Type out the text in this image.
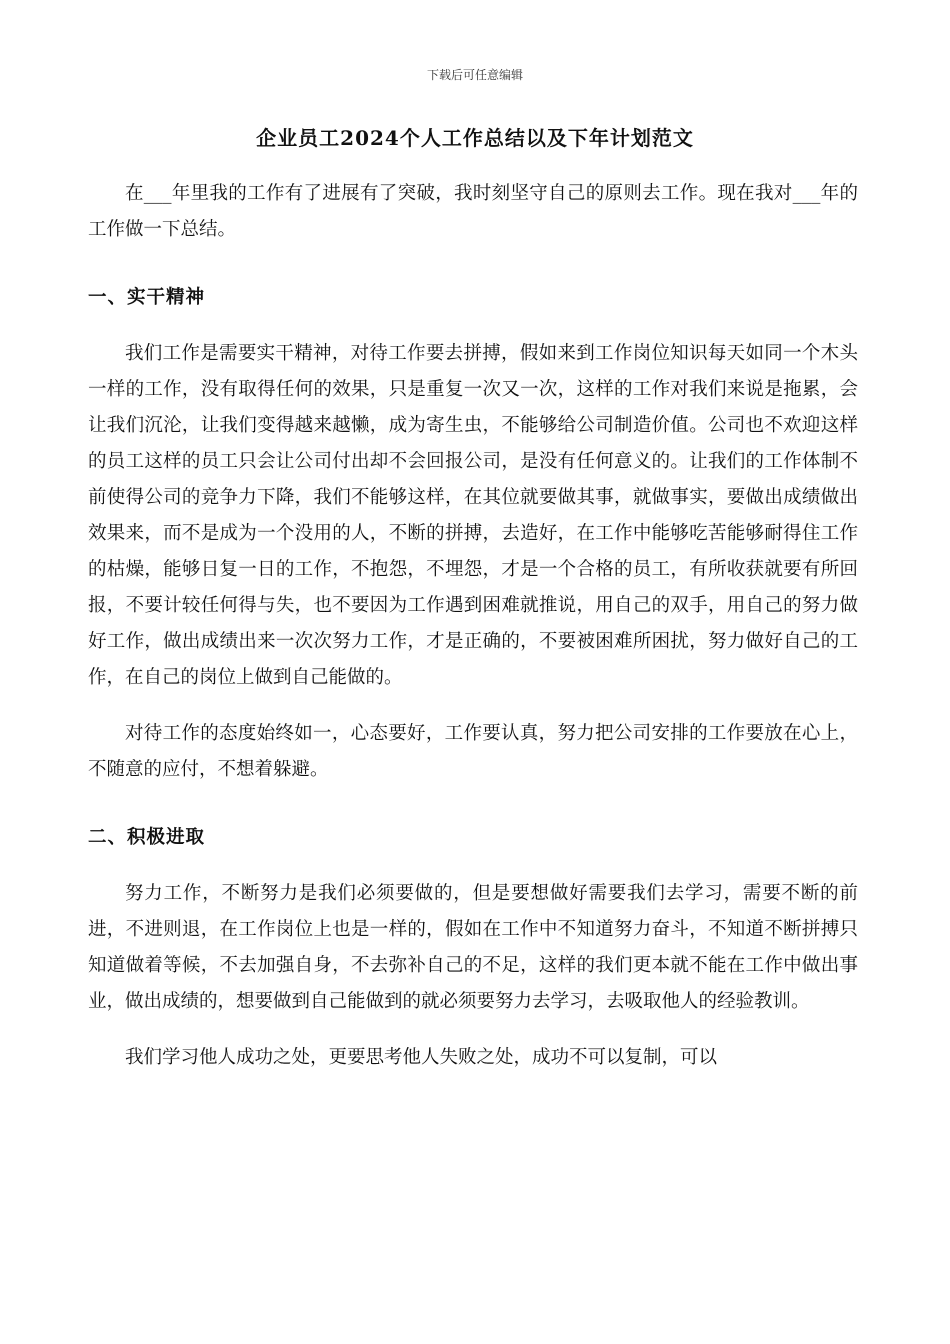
下载后可任意编辑
企业员工2024个人工作总结以及下年计划范文

在___年里我的工作有了进展有了突破，我时刻坚守自己的原则去工作。现在我对___年的工作做一下总结。

一、实干精神

我们工作是需要实干精神，对待工作要去拼搏，假如来到工作岗位知识每天如同一个木头一样的工作，没有取得任何的效果，只是重复一次又一次，这样的工作对我们来说是拖累，会让我们沉沦，让我们变得越来越懒，成为寄生虫，不能够给公司制造价值。公司也不欢迎这样的员工这样的员工只会让公司付出却不会回报公司，是没有任何意义的。让我们的工作体制不前使得公司的竞争力下降，我们不能够这样，在其位就要做其事，就做事实，要做出成绩做出效果来，而不是成为一个没用的人，不断的拼搏，去造好，在工作中能够吃苦能够耐得住工作的枯燥，能够日复一日的工作，不抱怨，不埋怨，才是一个合格的员工，有所收获就要有所回报，不要计较任何得与失，也不要因为工作遇到困难就推说，用自己的双手，用自己的努力做好工作，做出成绩出来一次次努力工作，才是正确的，不要被困难所困扰，努力做好自己的工作，在自己的岗位上做到自己能做的。

对待工作的态度始终如一，心态要好，工作要认真，努力把公司安排的工作要放在心上，不随意的应付，不想着躲避。

二、积极进取

努力工作，不断努力是我们必须要做的，但是要想做好需要我们去学习，需要不断的前进，不进则退，在工作岗位上也是一样的，假如在工作中不知道努力奋斗，不知道不断拼搏只知道做着等候，不去加强自身，不去弥补自己的不足，这样的我们更本就不能在工作中做出事业，做出成绩的，想要做到自己能做到的就必须要努力去学习，去吸取他人的经验教训。

我们学习他人成功之处，更要思考他人失败之处，成功不可以复制，可以
